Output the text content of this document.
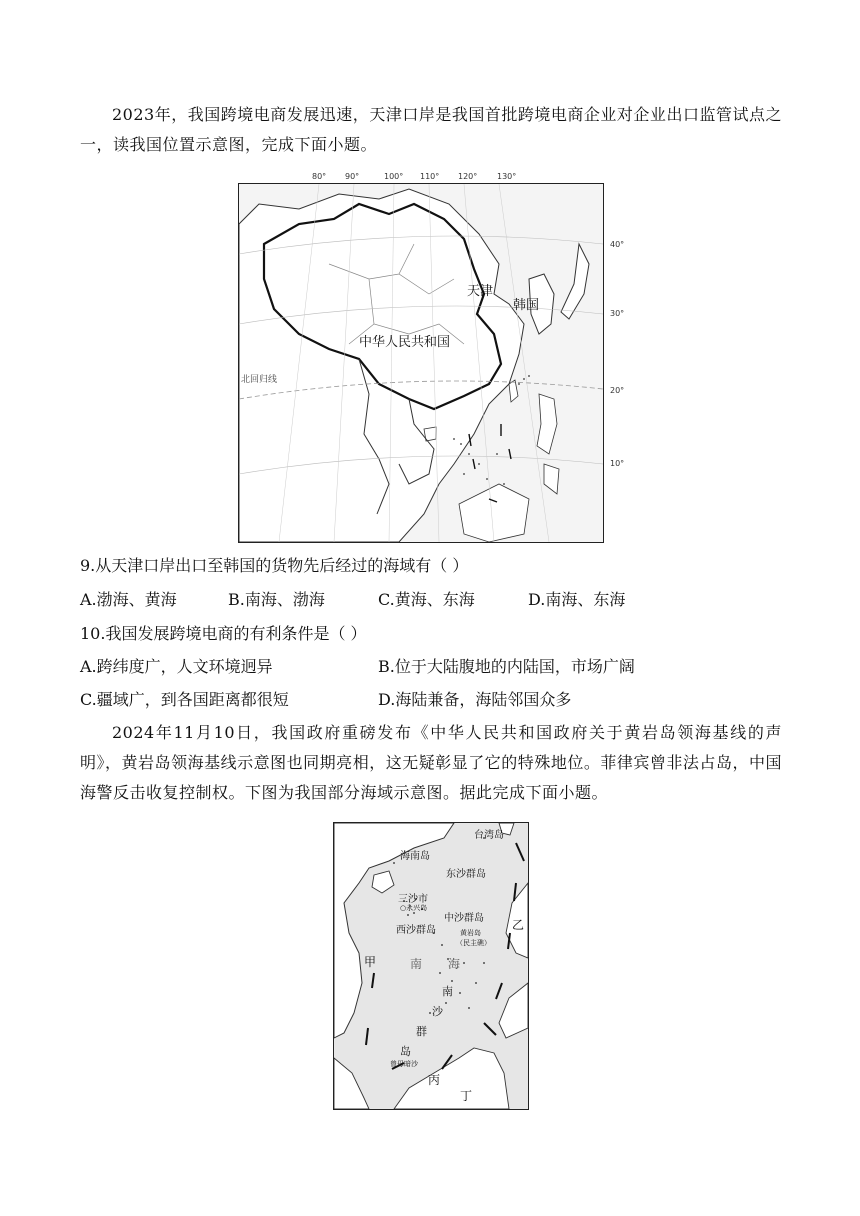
2023年，我国跨境电商发展迅速，天津口岸是我国首批跨境电商企业对企业出口监管试点之一，读我国位置示意图，完成下面小题。

80° 90°	100° 110° 120° 130°
天津
韩国
中华人民共和国
北回归线
40°
30°
20°
10°

9.从天津口岸出口至韩国的货物先后经过的海域有（ ）

A.渤海、黄海	B.南海、渤海	C.黄海、东海	D.南海、东海

10.我国发展跨境电商的有利条件是（ ）

A.跨纬度广，人文环境迥异	B.位于大陆腹地的内陆国，市场广阔

C.疆域广，到各国距离都很短	D.海陆兼备，海陆邻国众多

2024年11月10日，我国政府重磅发布《中华人民共和国政府关于黄岩岛领海基线的声明》，黄岩岛领海基线示意图也同期亮相，这无疑彰显了它的特殊地位。菲律宾曾非法占岛，中国海警反击收复控制权。下图为我国部分海域示意图。据此完成下面小题。

台湾岛
海南岛
东沙群岛
三沙市
○永兴岛
中沙群岛
西沙群岛	黄岩岛
（民主礁）
乙
甲	南 海
南
沙
群
岛
曾母暗沙
丙
丁
